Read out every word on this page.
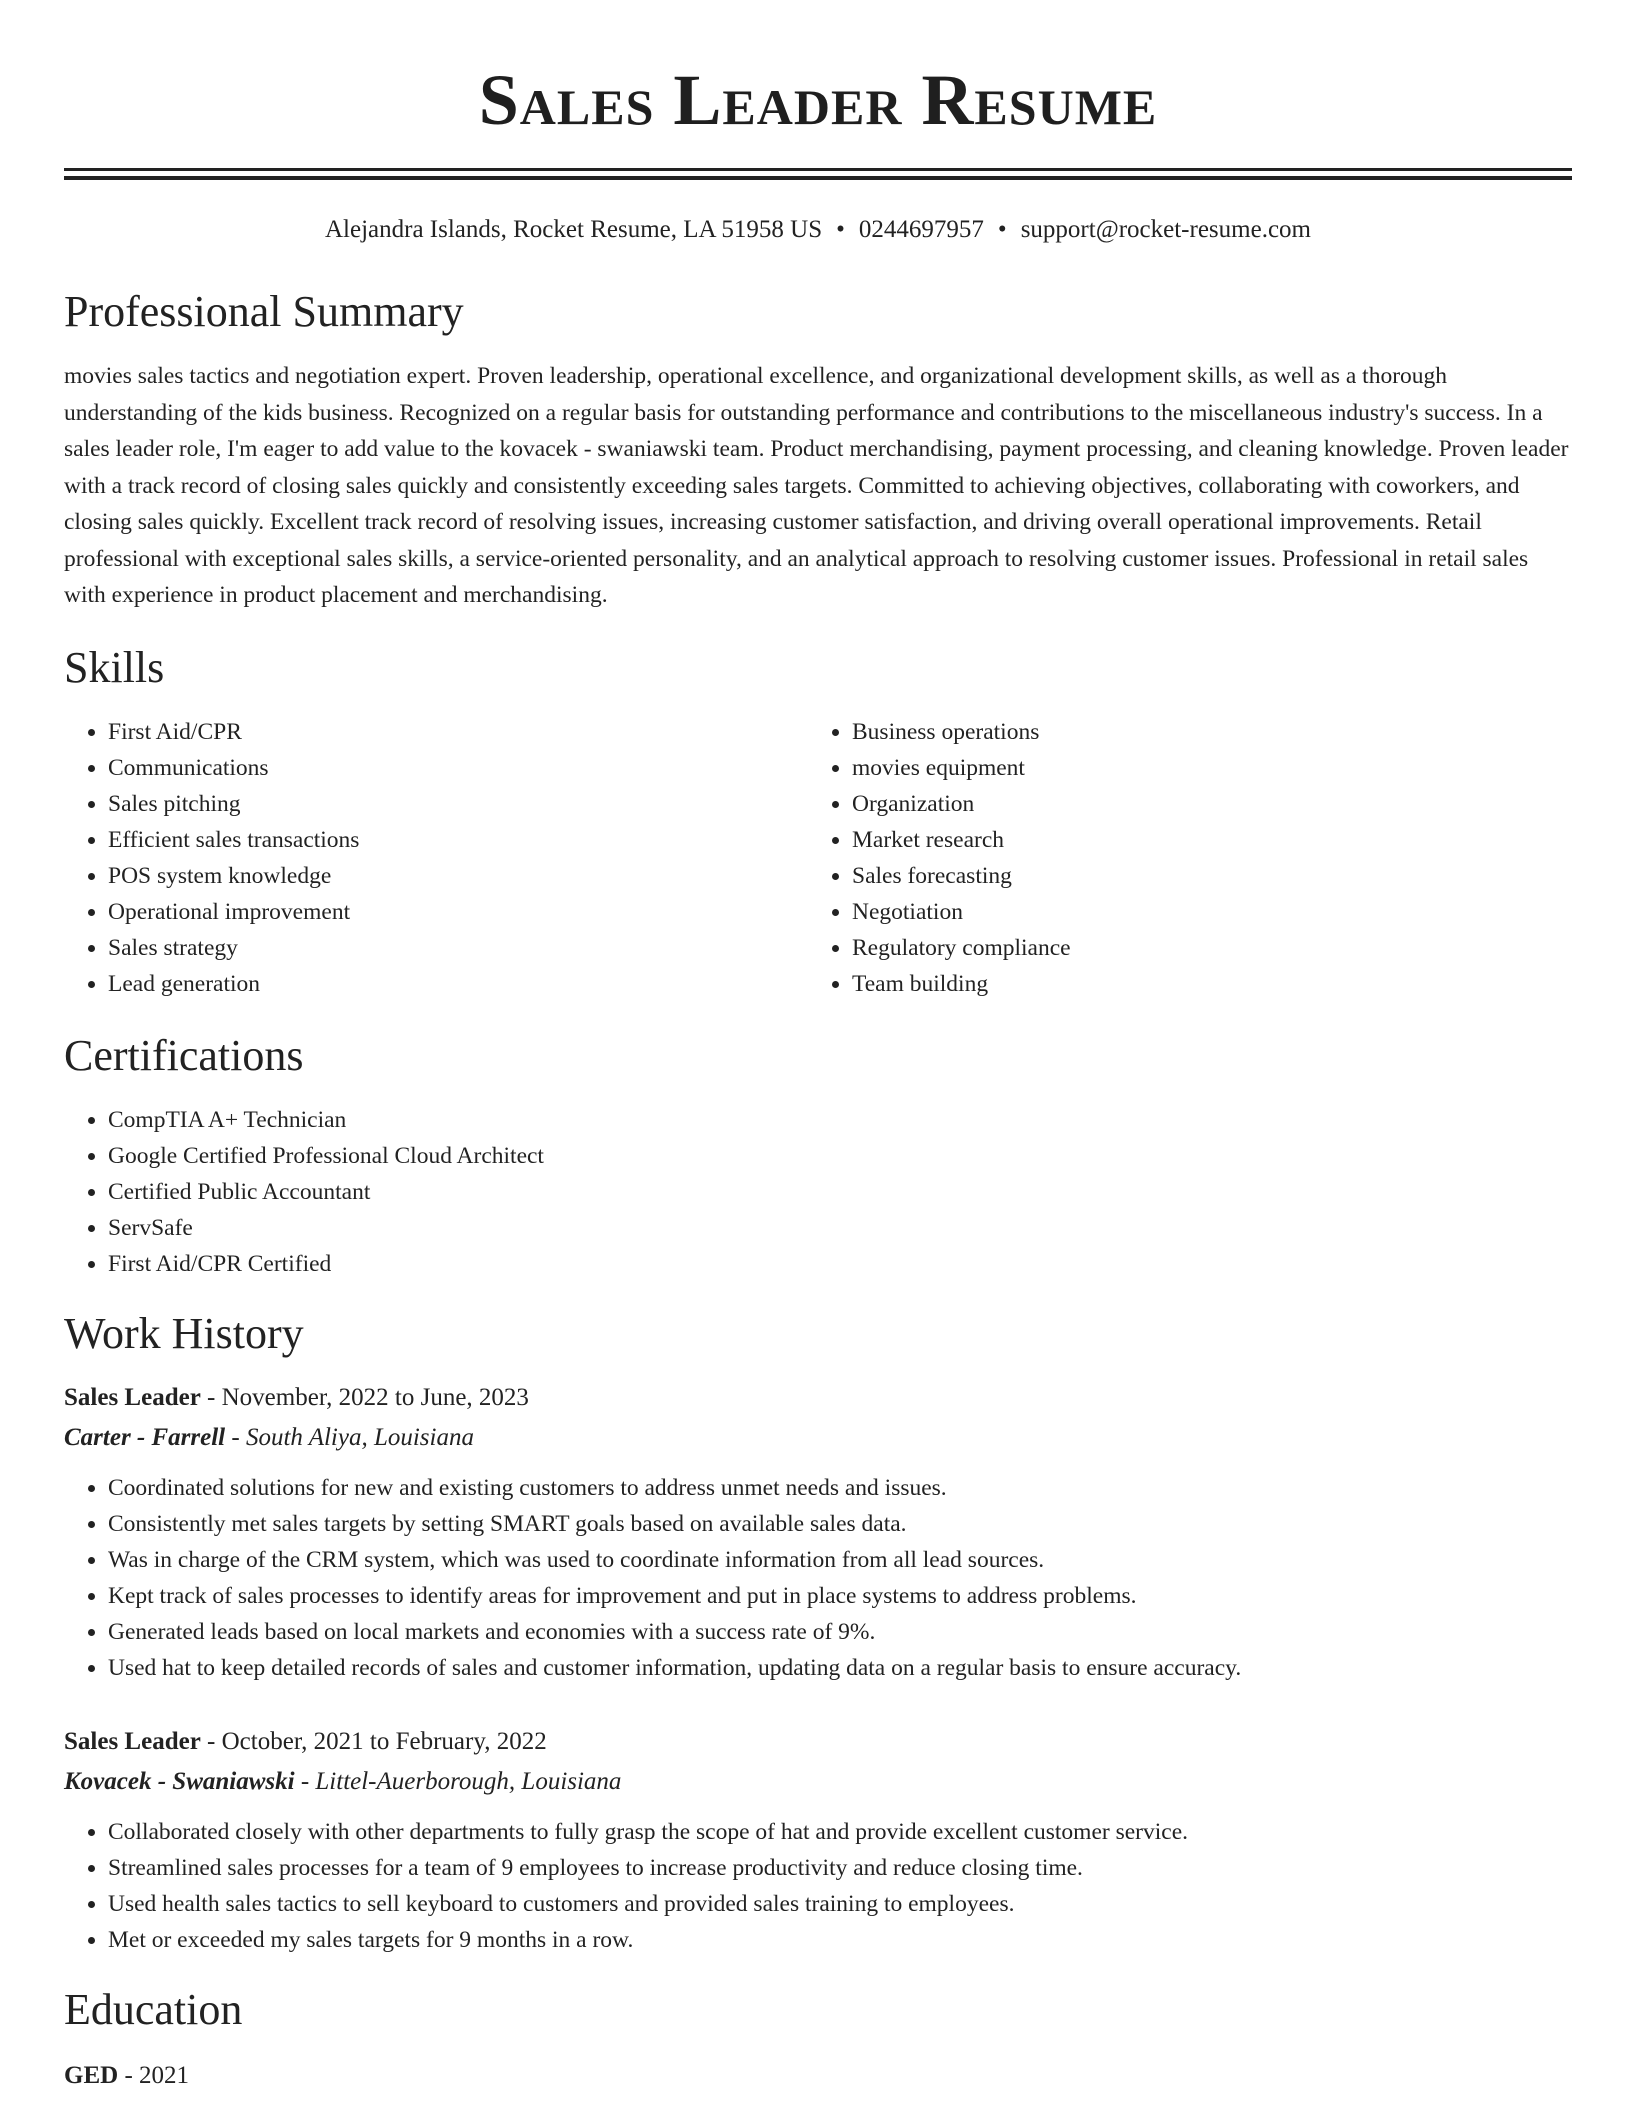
Sales Leader Resume
Alejandra Islands, Rocket Resume, LA 51958 US • 0244697957 • support@rocket-resume.com
Professional Summary
movies sales tactics and negotiation expert. Proven leadership, operational excellence, and organizational development skills, as well as a thorough understanding of the kids business. Recognized on a regular basis for outstanding performance and contributions to the miscellaneous industry's success. In a sales leader role, I'm eager to add value to the kovacek - swaniawski team. Product merchandising, payment processing, and cleaning knowledge. Proven leader with a track record of closing sales quickly and consistently exceeding sales targets. Committed to achieving objectives, collaborating with coworkers, and closing sales quickly. Excellent track record of resolving issues, increasing customer satisfaction, and driving overall operational improvements. Retail professional with exceptional sales skills, a service-oriented personality, and an analytical approach to resolving customer issues. Professional in retail sales with experience in product placement and merchandising.
Skills
• First Aid/CPR
• Communications
• Sales pitching
• Efficient sales transactions
• POS system knowledge
• Operational improvement
• Sales strategy
• Lead generation
• Business operations
• movies equipment
• Organization
• Market research
• Sales forecasting
• Negotiation
• Regulatory compliance
• Team building
Certifications
• CompTIA A+ Technician
• Google Certified Professional Cloud Architect
• Certified Public Accountant
• ServSafe
• First Aid/CPR Certified
Work History
Sales Leader - November, 2022 to June, 2023
Carter - Farrell - South Aliya, Louisiana
• Coordinated solutions for new and existing customers to address unmet needs and issues.
• Consistently met sales targets by setting SMART goals based on available sales data.
• Was in charge of the CRM system, which was used to coordinate information from all lead sources.
• Kept track of sales processes to identify areas for improvement and put in place systems to address problems.
• Generated leads based on local markets and economies with a success rate of 9%.
• Used hat to keep detailed records of sales and customer information, updating data on a regular basis to ensure accuracy.
Sales Leader - October, 2021 to February, 2022
Kovacek - Swaniawski - Littel-Auerborough, Louisiana
• Collaborated closely with other departments to fully grasp the scope of hat and provide excellent customer service.
• Streamlined sales processes for a team of 9 employees to increase productivity and reduce closing time.
• Used health sales tactics to sell keyboard to customers and provided sales training to employees.
• Met or exceeded my sales targets for 9 months in a row.
Education
GED - 2021
